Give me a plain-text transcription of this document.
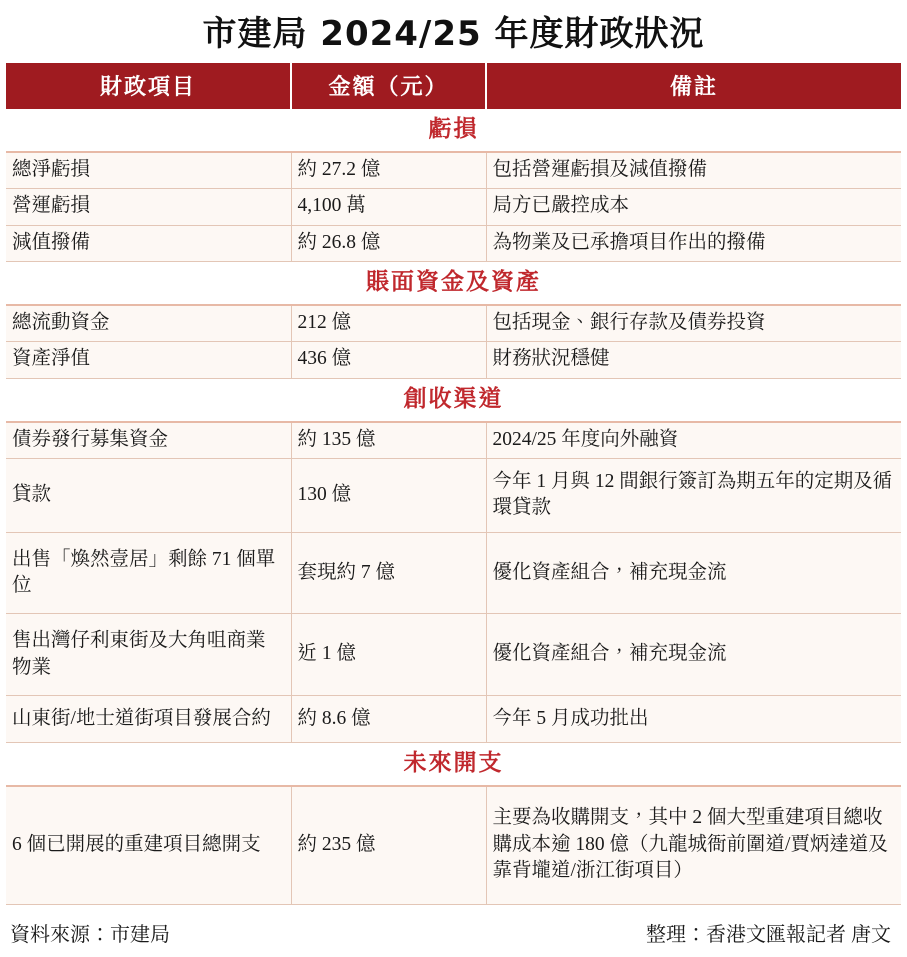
市建局 2024/25 年度財政狀況
財政項目	金額（元）	備註
虧損		
總淨虧損	約 27.2 億	包括營運虧損及減值撥備
營運虧損	4,100 萬	局方已嚴控成本
減值撥備	約 26.8 億	為物業及已承擔項目作出的撥備
賬面資金及資產		
總流動資金	212 億	包括現金、銀行存款及債券投資
資產淨值	436 億	財務狀況穩健
創收渠道		
債券發行募集資金	約 135 億	2024/25 年度向外融資
貸款	130 億	今年 1 月與 12 間銀行簽訂為期五年的定期及循環貸款
出售「煥然壹居」剩餘 71 個單位	套現約 7 億	優化資產組合，補充現金流
售出灣仔利東街及大角咀商業物業	近 1 億	優化資產組合，補充現金流
山東街/地士道街項目發展合約	約 8.6 億	今年 5 月成功批出
未來開支		
6 個已開展的重建項目總開支	約 235 億	主要為收購開支，其中 2 個大型重建項目總收購成本逾 180 億（九龍城衙前圍道/賈炳達道及靠背壠道/浙江街項目）
資料來源：市建局	整理：香港文匯報記者 唐文
